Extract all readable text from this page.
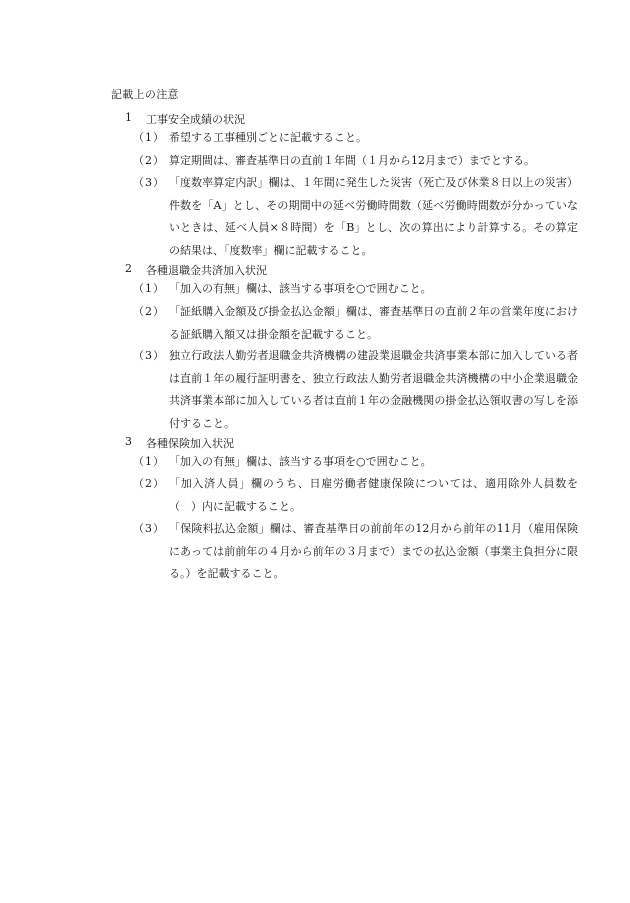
記載上の注意
1 工事安全成績の状況
（1） 希望する工事種別ごとに記載すること。
（2） 算定期間は、審査基準日の直前１年間（１月から12月まで）までとする。
（3） 「度数率算定内訳」欄は、１年間に発生した災害（死亡及び休業８日以上の災害）件数を「A」とし、その期間中の延べ労働時間数（延べ労働時間数が分かっていないときは、延べ人員×８時間）を「B」とし、次の算出により計算する。その算定の結果は、「度数率」欄に記載すること。
2 各種退職金共済加入状況
（1） 「加入の有無」欄は、該当する事項を○で囲むこと。
（2） 「証紙購入金額及び掛金払込金額」欄は、審査基準日の直前２年の営業年度における証紙購入額又は掛金額を記載すること。
（3） 独立行政法人勤労者退職金共済機構の建設業退職金共済事業本部に加入している者は直前１年の履行証明書を、独立行政法人勤労者退職金共済機構の中小企業退職金共済事業本部に加入している者は直前１年の金融機関の掛金払込領収書の写しを添付すること。
3 各種保険加入状況
（1） 「加入の有無」欄は、該当する事項を○で囲むこと。
（2） 「加入済人員」欄のうち、日雇労働者健康保険については、適用除外人員数を（　）内に記載すること。
（3） 「保険料払込金額」欄は、審査基準日の前前年の12月から前年の11月（雇用保険にあっては前前年の４月から前年の３月まで）までの払込金額（事業主負担分に限る。）を記載すること。
